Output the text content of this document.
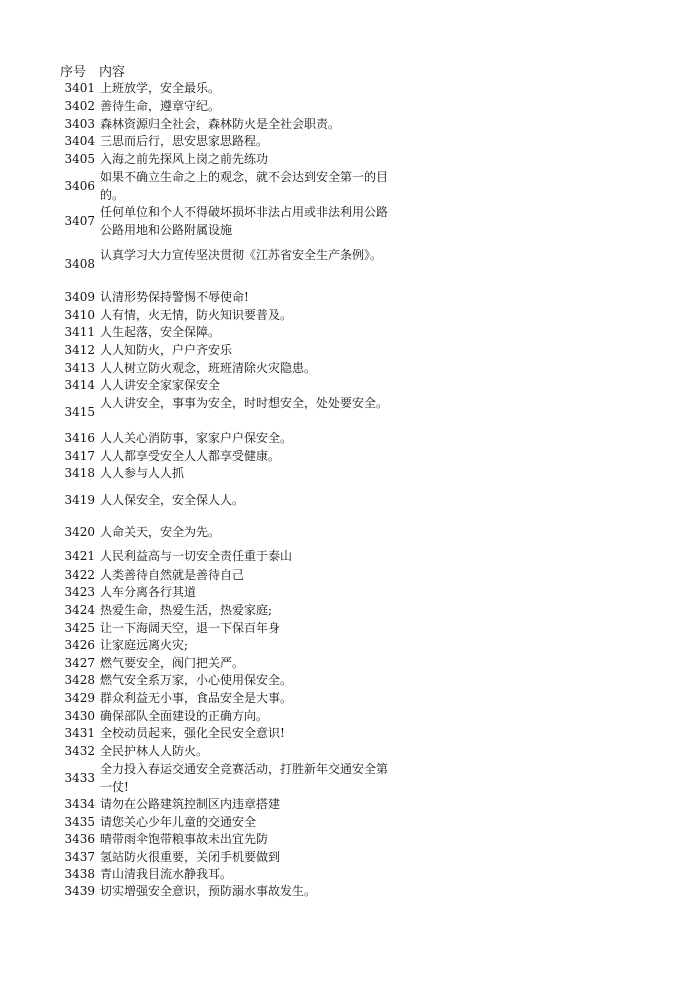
序号 内容
3401 上班放学，安全最乐。
3402 善待生命，遵章守纪。
3403 森林资源归全社会，森林防火是全社会职责。
3404 三思而后行，思安思家思路程。
3405 入海之前先探风上岗之前先练功
3406
如果不确立生命之上的观念，就不会达到安全第一的目的。
3407
任何单位和个人不得破坏损坏非法占用或非法利用公路公路用地和公路附属设施
3408
认真学习大力宣传坚决贯彻《江苏省安全生产条例》。
3409 认清形势保持警惕不辱使命!
3410 人有情，火无情，防火知识要普及。
3411 人生起落，安全保障。
3412 人人知防火，户户齐安乐
3413 人人树立防火观念，班班清除火灾隐患。
3414 人人讲安全家家保安全
3415
人人讲安全，事事为安全，时时想安全，处处要安全。
3416 人人关心消防事，家家户户保安全。
3417 人人都享受安全人人都享受健康。
3418 人人参与人人抓
3419 人人保安全，安全保人人。
3420 人命关天，安全为先。
3421 人民利益高与一切安全责任重于泰山
3422 人类善待自然就是善待自己
3423 人车分离各行其道
3424 热爱生命，热爱生活，热爱家庭;
3425 让一下海阔天空，退一下保百年身
3426 让家庭远离火灾;
3427 燃气要安全，阀门把关严。
3428 燃气安全系万家，小心使用保安全。
3429 群众利益无小事，食品安全是大事。
3430 确保部队全面建设的正确方向。
3431 全校动员起来，强化全民安全意识!
3432 全民护林人人防火。
3433
全力投入春运交通安全竞赛活动，打胜新年交通安全第一仗!
3434 请勿在公路建筑控制区内违章搭建
3435 请您关心少年儿童的交通安全
3436 晴带雨伞饱带粮事故未出宜先防
3437 氢站防火很重要，关闭手机要做到
3438 青山清我目流水静我耳。
3439 切实增强安全意识，预防溺水事故发生。
